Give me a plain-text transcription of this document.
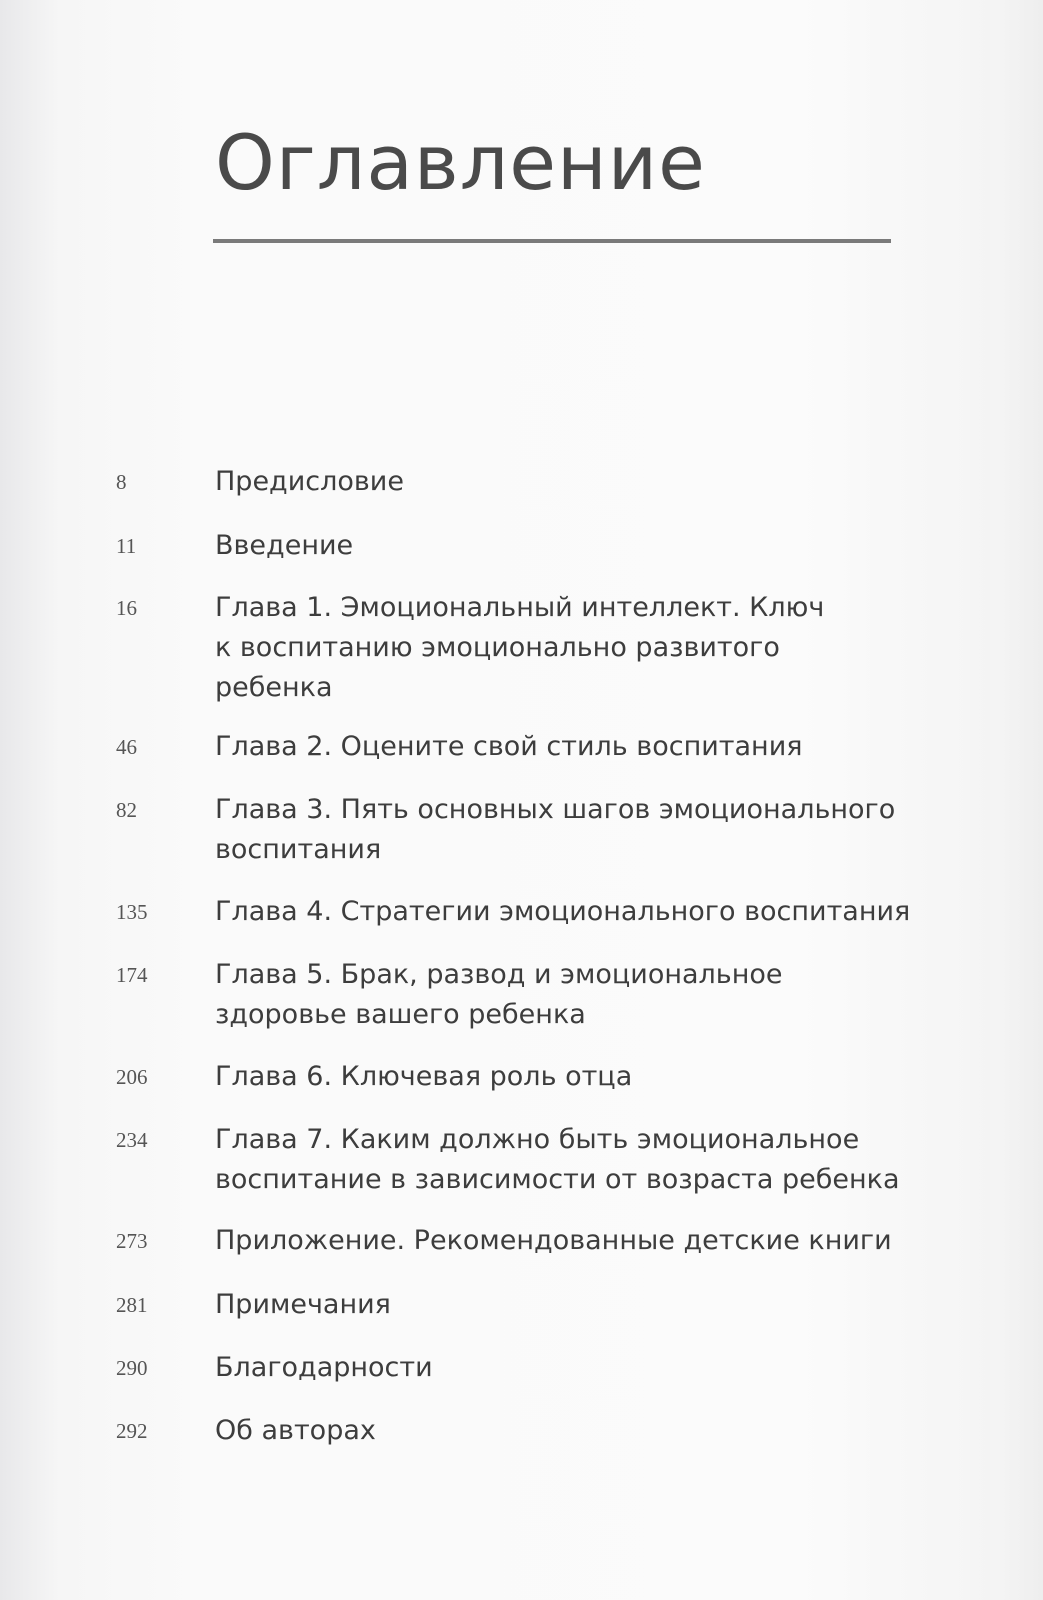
Оглавление
8	Предисловие
11	Введение
16	Глава 1. Эмоциональный интеллект. Ключ
к воспитанию эмоционально развитого
ребенка
46	Глава 2. Оцените свой стиль воспитания
82	Глава 3. Пять основных шагов эмоционального
воспитания
135	Глава 4. Стратегии эмоционального воспитания
174	Глава 5. Брак, развод и эмоциональное
здоровье вашего ребенка
206	Глава 6. Ключевая роль отца
234	Глава 7. Каким должно быть эмоциональное
воспитание в зависимости от возраста ребенка
273	Приложение. Рекомендованные детские книги
281	Примечания
290	Благодарности
292	Об авторах
